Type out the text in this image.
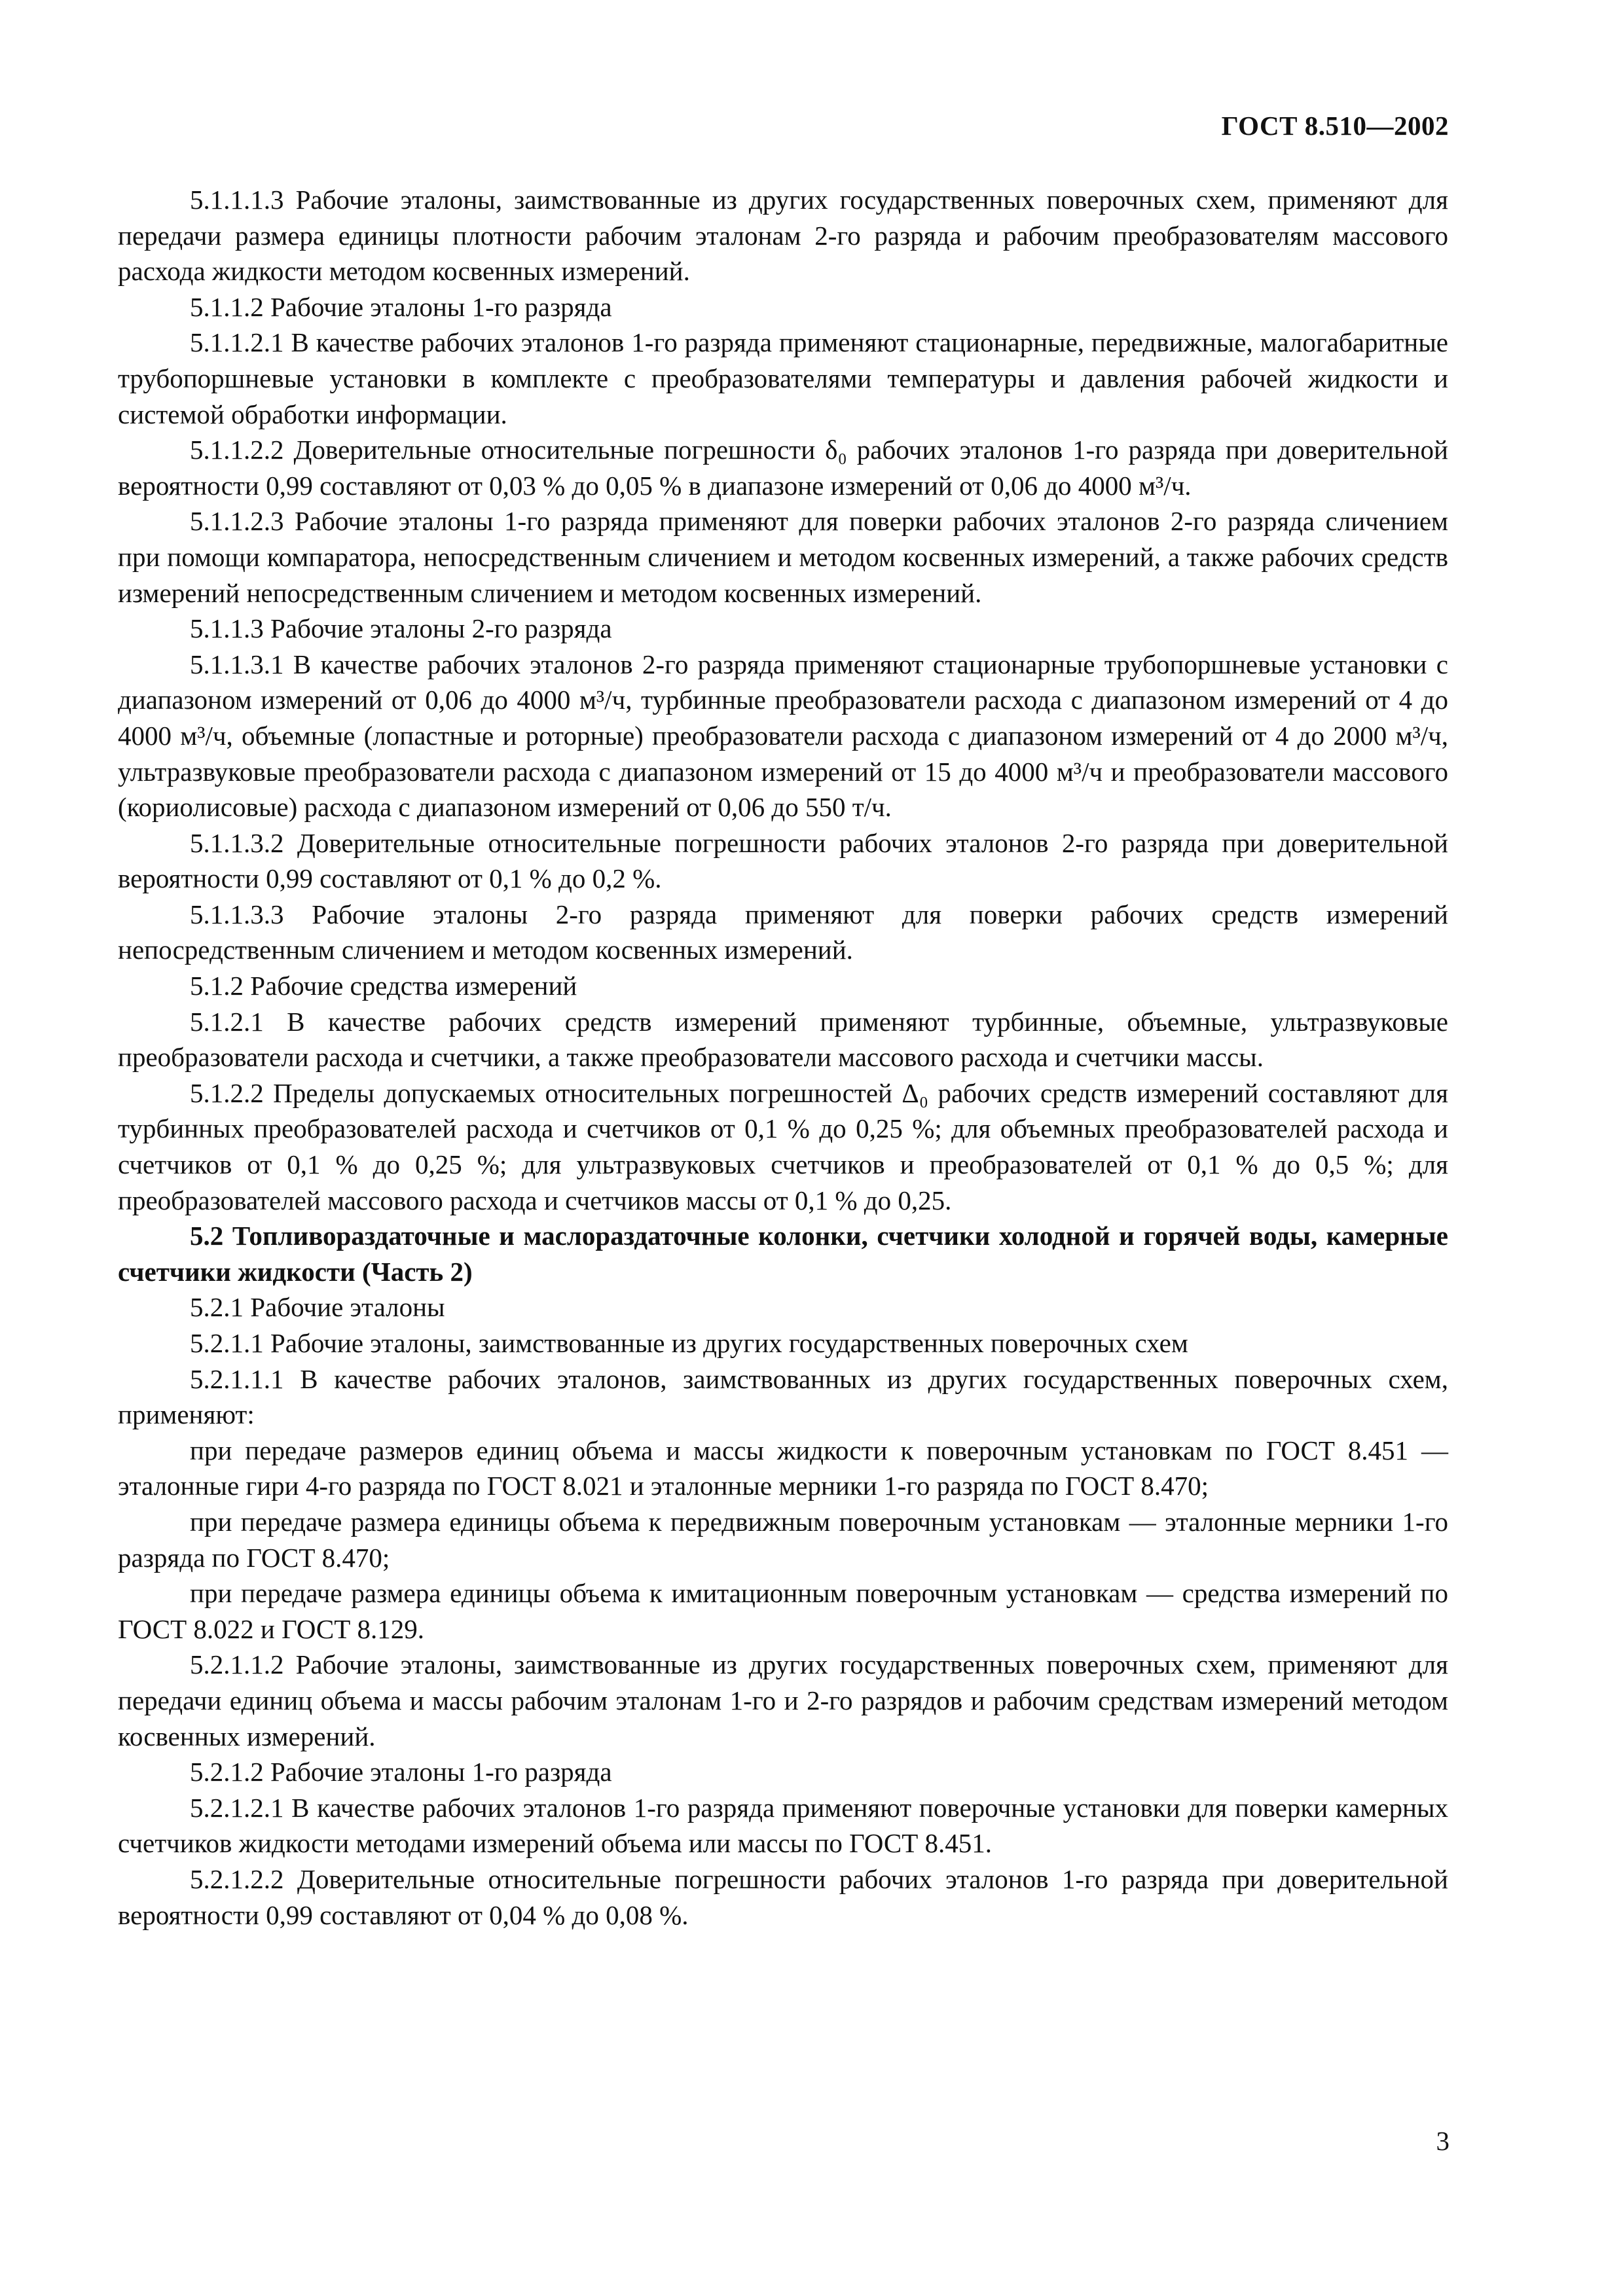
ГОСТ 8.510—2002

5.1.1.1.3 Рабочие эталоны, заимствованные из других государственных поверочных схем, применяют для передачи размера единицы плотности рабочим эталонам 2-го разряда и рабочим преобразователям массового расхода жидкости методом косвенных измерений.

5.1.1.2 Рабочие эталоны 1-го разряда

5.1.1.2.1 В качестве рабочих эталонов 1-го разряда применяют стационарные, передвижные, малогабаритные трубопоршневые установки в комплекте с преобразователями температуры и давления рабочей жидкости и системой обработки информации.

5.1.1.2.2 Доверительные относительные погрешности δ₀ рабочих эталонов 1-го разряда при доверительной вероятности 0,99 составляют от 0,03 % до 0,05 % в диапазоне измерений от 0,06 до 4000 м³/ч.

5.1.1.2.3 Рабочие эталоны 1-го разряда применяют для поверки рабочих эталонов 2-го разряда сличением при помощи компаратора, непосредственным сличением и методом косвенных измерений, а также рабочих средств измерений непосредственным сличением и методом косвенных измерений.

5.1.1.3 Рабочие эталоны 2-го разряда

5.1.1.3.1 В качестве рабочих эталонов 2-го разряда применяют стационарные трубопоршневые установки с диапазоном измерений от 0,06 до 4000 м³/ч, турбинные преобразователи расхода с диапазоном измерений от 4 до 4000 м³/ч, объемные (лопастные и роторные) преобразователи расхода с диапазоном измерений от 4 до 2000 м³/ч, ультразвуковые преобразователи расхода с диапазоном измерений от 15 до 4000 м³/ч и преобразователи массового (кориолисовые) расхода с диапазоном измерений от 0,06 до 550 т/ч.

5.1.1.3.2 Доверительные относительные погрешности рабочих эталонов 2-го разряда при доверительной вероятности 0,99 составляют от 0,1 % до 0,2 %.

5.1.1.3.3 Рабочие эталоны 2-го разряда применяют для поверки рабочих средств измерений непосредственным сличением и методом косвенных измерений.

5.1.2 Рабочие средства измерений

5.1.2.1 В качестве рабочих средств измерений применяют турбинные, объемные, ультразвуковые преобразователи расхода и счетчики, а также преобразователи массового расхода и счетчики массы.

5.1.2.2 Пределы допускаемых относительных погрешностей Δ₀ рабочих средств измерений составляют для турбинных преобразователей расхода и счетчиков от 0,1 % до 0,25 %; для объемных преобразователей расхода и счетчиков от 0,1 % до 0,25 %; для ультразвуковых счетчиков и преобразователей от 0,1 % до 0,5 %; для преобразователей массового расхода и счетчиков массы от 0,1 % до 0,25.

5.2 Топливораздаточные и маслораздаточные колонки, счетчики холодной и горячей воды, камерные счетчики жидкости (Часть 2)

5.2.1 Рабочие эталоны

5.2.1.1 Рабочие эталоны, заимствованные из других государственных поверочных схем

5.2.1.1.1 В качестве рабочих эталонов, заимствованных из других государственных поверочных схем, применяют:

при передаче размеров единиц объема и массы жидкости к поверочным установкам по ГОСТ 8.451 — эталонные гири 4-го разряда по ГОСТ 8.021 и эталонные мерники 1-го разряда по ГОСТ 8.470;

при передаче размера единицы объема к передвижным поверочным установкам — эталонные мерники 1-го разряда по ГОСТ 8.470;

при передаче размера единицы объема к имитационным поверочным установкам — средства измерений по ГОСТ 8.022 и ГОСТ 8.129.

5.2.1.1.2 Рабочие эталоны, заимствованные из других государственных поверочных схем, применяют для передачи единиц объема и массы рабочим эталонам 1-го и 2-го разрядов и рабочим средствам измерений методом косвенных измерений.

5.2.1.2 Рабочие эталоны 1-го разряда

5.2.1.2.1 В качестве рабочих эталонов 1-го разряда применяют поверочные установки для поверки камерных счетчиков жидкости методами измерений объема или массы по ГОСТ 8.451.

5.2.1.2.2 Доверительные относительные погрешности рабочих эталонов 1-го разряда при доверительной вероятности 0,99 составляют от 0,04 % до 0,08 %.

3
